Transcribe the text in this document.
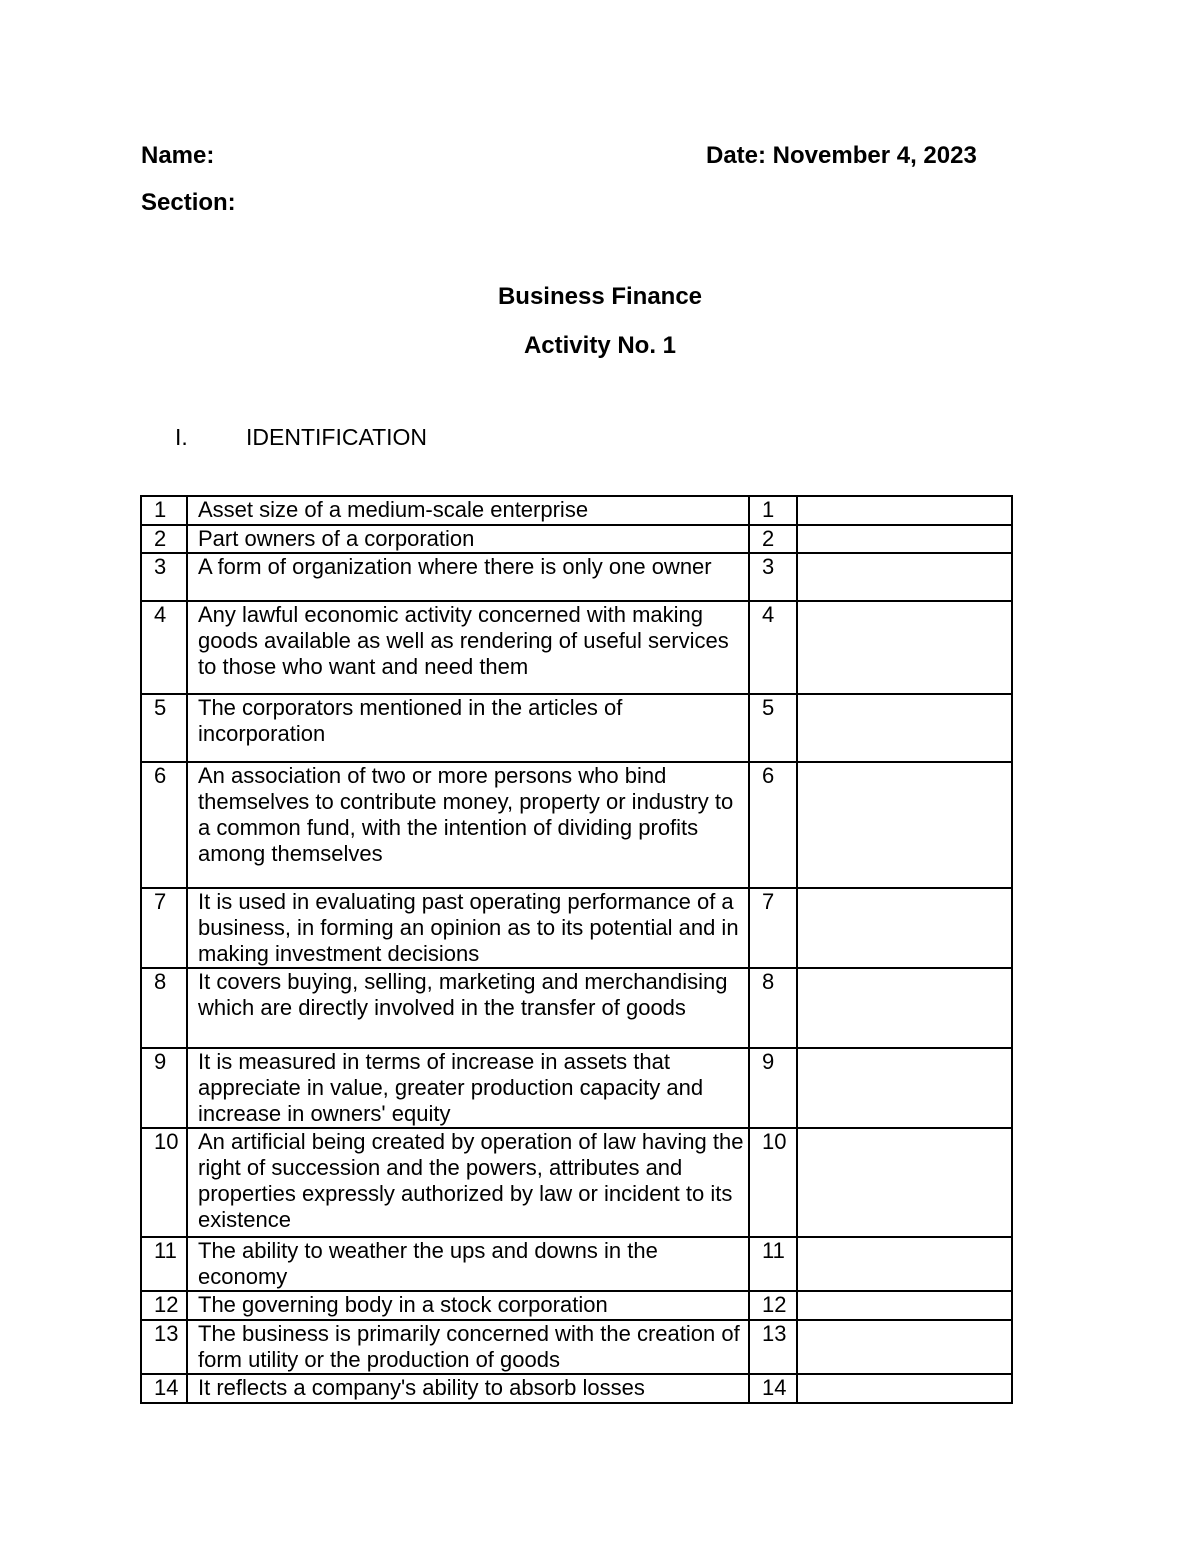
Name:	Date: November 4, 2023
Section:
Business Finance
Activity No. 1
I.	IDENTIFICATION
1	Asset size of a medium-scale enterprise	1	
2	Part owners of a corporation	2	
3	A form of organization where there is only one owner	3	
4	Any lawful economic activity concerned with making goods available as well as rendering of useful services to those who want and need them	4	
5	The corporators mentioned in the articles of incorporation	5	
6	An association of two or more persons who bind themselves to contribute money, property or industry to a common fund, with the intention of dividing profits among themselves	6	
7	It is used in evaluating past operating performance of a business, in forming an opinion as to its potential and in making investment decisions	7	
8	It covers buying, selling, marketing and merchandising which are directly involved in the transfer of goods	8	
9	It is measured in terms of increase in assets that appreciate in value, greater production capacity and increase in owners' equity	9	
10	An artificial being created by operation of law having the right of succession and the powers, attributes and properties expressly authorized by law or incident to its existence	10	
11	The ability to weather the ups and downs in the economy	11	
12	The governing body in a stock corporation	12	
13	The business is primarily concerned with the creation of form utility or the production of goods	13	
14	It reflects a company's ability to absorb losses	14	
